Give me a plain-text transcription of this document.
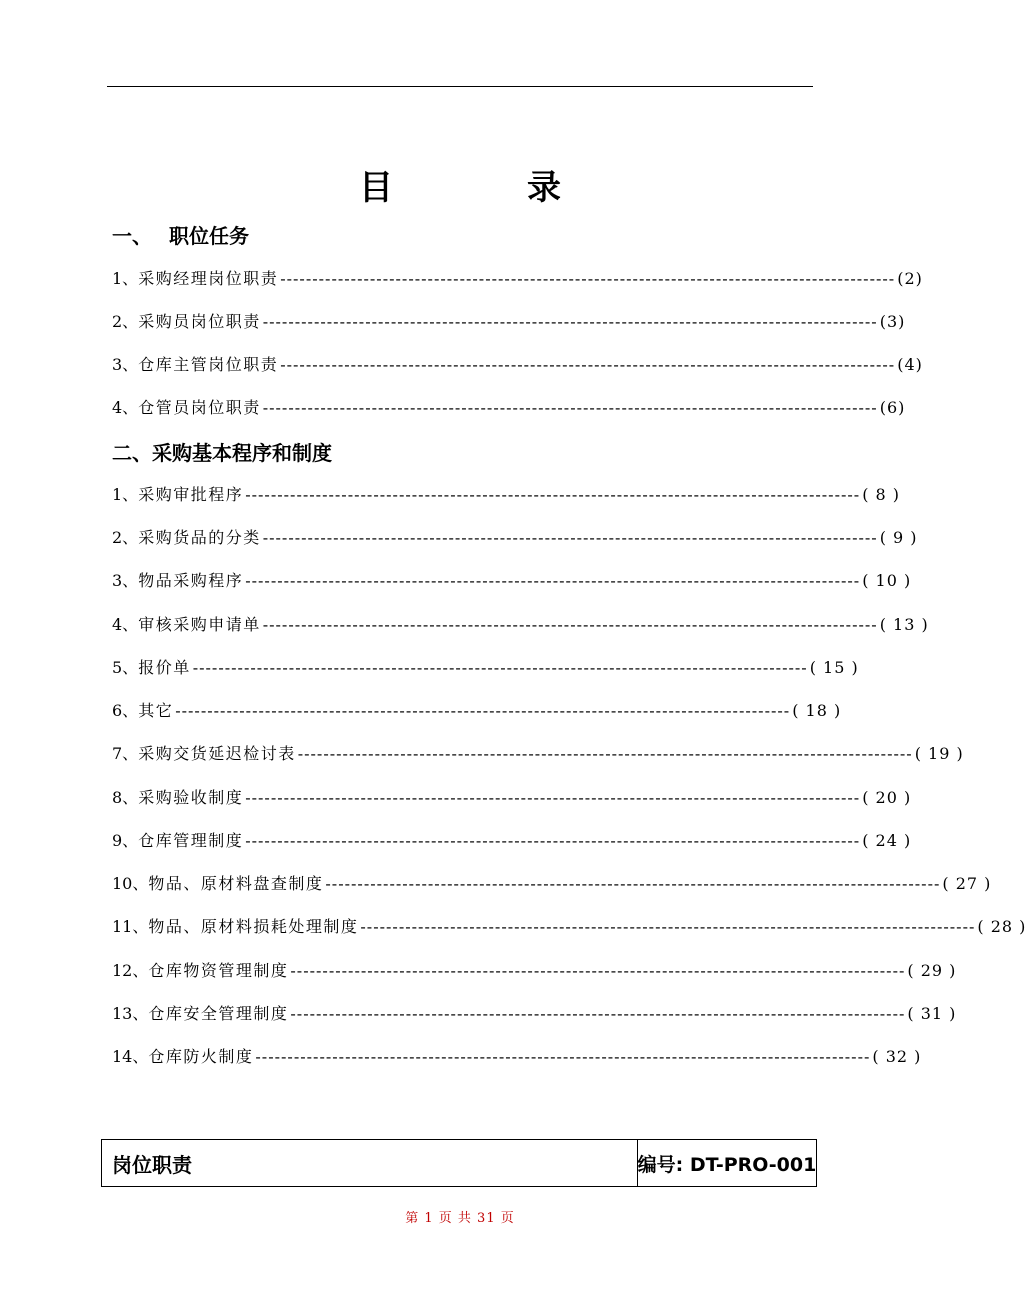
目　录
一、　 职位任务
1、 采购经理岗位职责 ------------------------------------------------------------------------------------------------ (2)
2、 采购员岗位职责 ------------------------------------------------------------------------------------------------ (3)
3、 仓库主管岗位职责 ------------------------------------------------------------------------------------------------ (4)
4、 仓管员岗位职责 ------------------------------------------------------------------------------------------------ (6)
二、采购基本程序和制度
1、 采购审批程序 ------------------------------------------------------------------------------------------------ ( 8 )
2、 采购货品的分类 ------------------------------------------------------------------------------------------------ ( 9 )
3、 物品采购程序 ------------------------------------------------------------------------------------------------ ( 10 )
4、 审核采购申请单 ------------------------------------------------------------------------------------------------ ( 13 )
5、 报价单 ------------------------------------------------------------------------------------------------ ( 15 )
6、 其它 ------------------------------------------------------------------------------------------------ ( 18 )
7、 采购交货延迟检讨表 ------------------------------------------------------------------------------------------------ ( 19 )
8、 采购验收制度 ------------------------------------------------------------------------------------------------ ( 20 )
9、 仓库管理制度 ------------------------------------------------------------------------------------------------ ( 24 )
10、 物品、原材料盘查制度 ------------------------------------------------------------------------------------------------ ( 27 )
11、 物品、原材料损耗处理制度 ------------------------------------------------------------------------------------------------ ( 28 )
12、 仓库物资管理制度 ------------------------------------------------------------------------------------------------ ( 29 )
13、 仓库安全管理制度 ------------------------------------------------------------------------------------------------ ( 31 )
14、 仓库防火制度 ------------------------------------------------------------------------------------------------ ( 32 )
岗位职责	编号: DT-PRO-001
第 1 页 共 31 页
